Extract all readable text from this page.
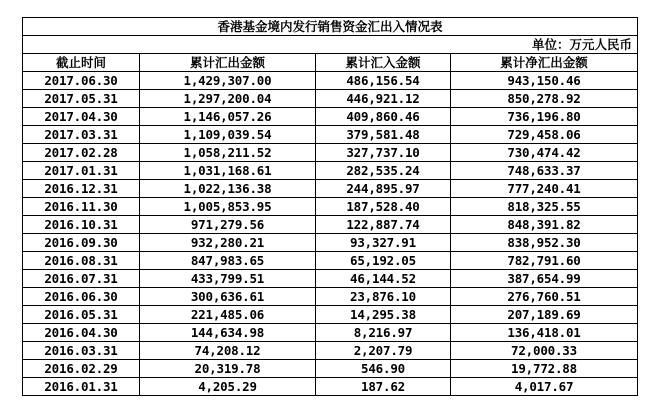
香港基金境内发行销售资金汇出入情况表			
单位：万元人民币			
截止时间	累计汇出金额	累计汇入金额	累计净汇出金额
2017.06.30	1,429,307.00	486,156.54	943,150.46
2017.05.31	1,297,200.04	446,921.12	850,278.92
2017.04.30	1,146,057.26	409,860.46	736,196.80
2017.03.31	1,109,039.54	379,581.48	729,458.06
2017.02.28	1,058,211.52	327,737.10	730,474.42
2017.01.31	1,031,168.61	282,535.24	748,633.37
2016.12.31	1,022,136.38	244,895.97	777,240.41
2016.11.30	1,005,853.95	187,528.40	818,325.55
2016.10.31	971,279.56	122,887.74	848,391.82
2016.09.30	932,280.21	93,327.91	838,952.30
2016.08.31	847,983.65	65,192.05	782,791.60
2016.07.31	433,799.51	46,144.52	387,654.99
2016.06.30	300,636.61	23,876.10	276,760.51
2016.05.31	221,485.06	14,295.38	207,189.69
2016.04.30	144,634.98	8,216.97	136,418.01
2016.03.31	74,208.12	2,207.79	72,000.33
2016.02.29	20,319.78	546.90	19,772.88
2016.01.31	4,205.29	187.62	4,017.67
